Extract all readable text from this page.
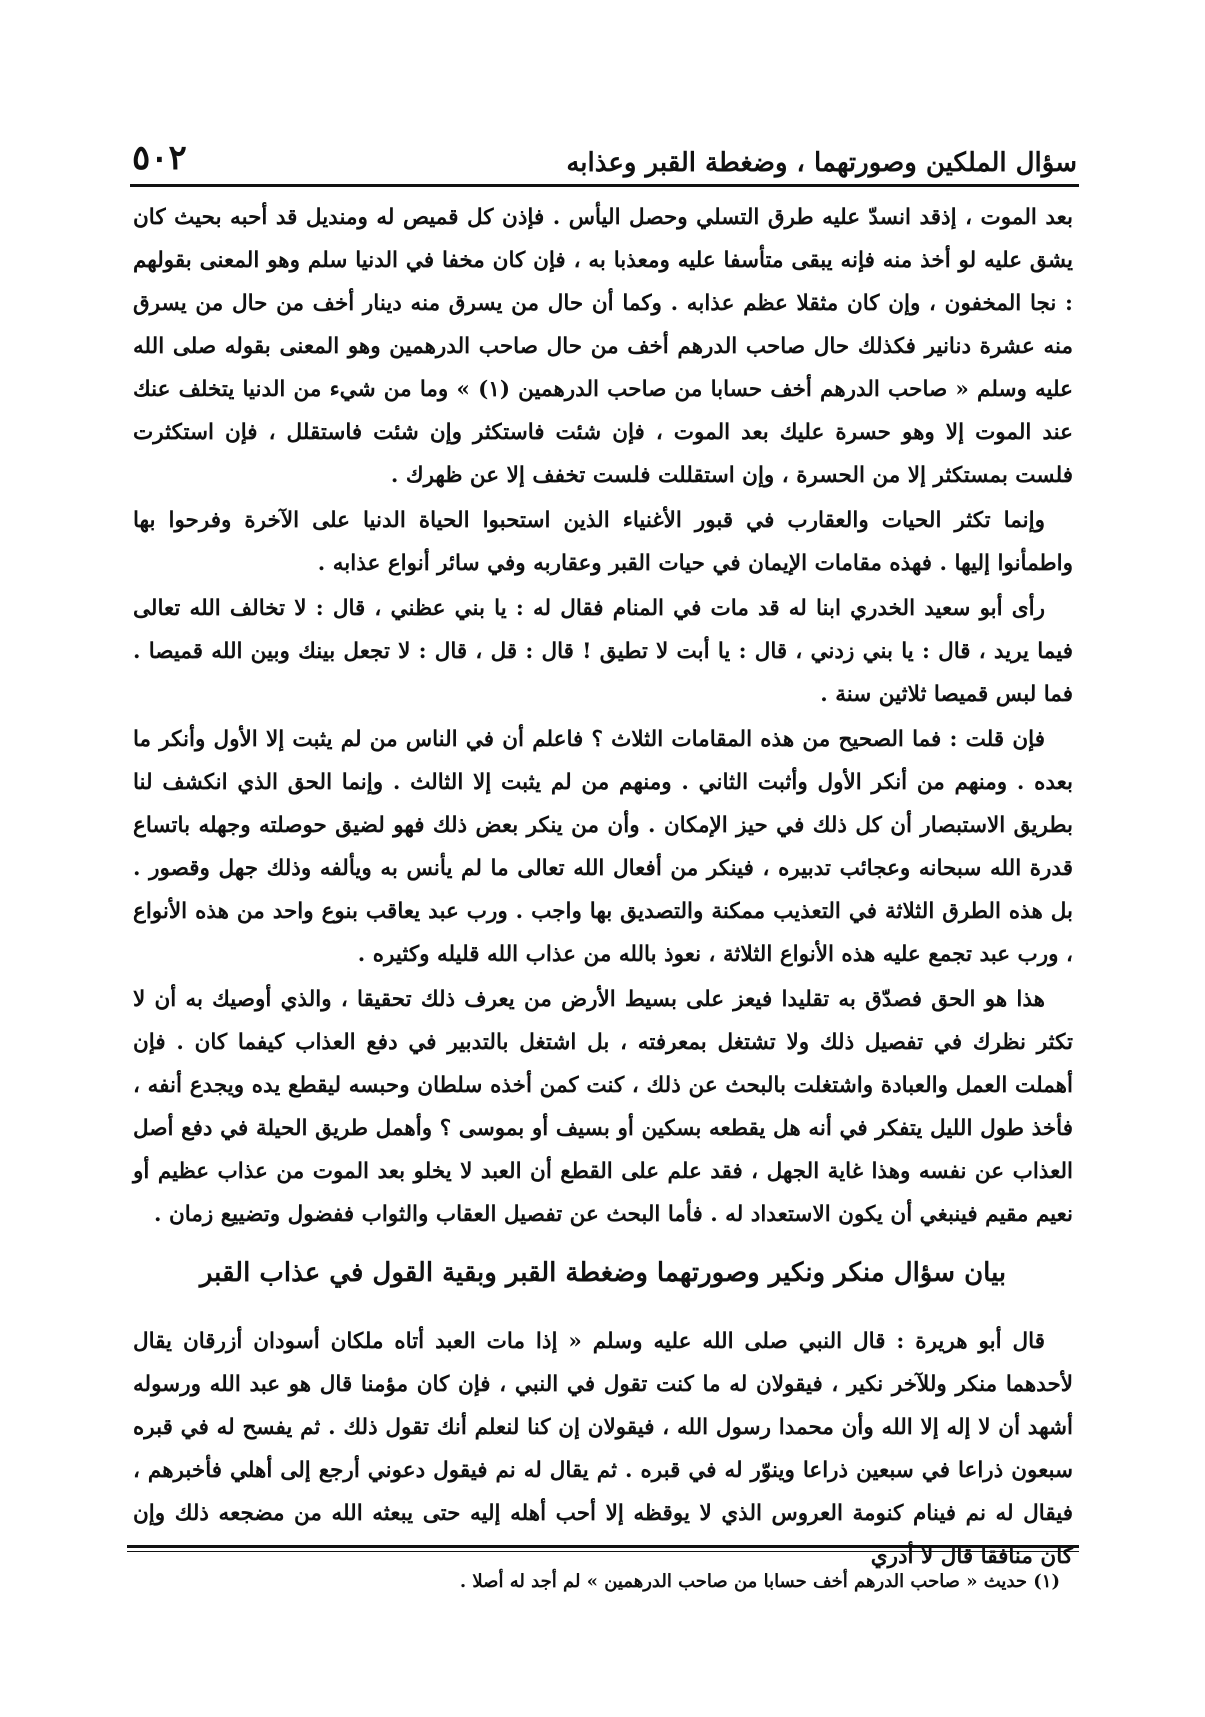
سؤال الملكين وصورتهما ، وضغطة القبر وعذابه
٥٠٢

بعد الموت ، إذقد انسدّ عليه طرق التسلي وحصل اليأس . فإذن كل قميص له ومنديل قد أحبه بحيث كان يشق عليه لو أخذ منه فإنه يبقى متأسفا عليه ومعذبا به ، فإن كان مخفا في الدنيا سلم وهو المعنى بقولهم : نجا المخفون ، وإن كان مثقلا عظم عذابه . وكما أن حال من يسرق منه دينار أخف من حال من يسرق منه عشرة دنانير فكذلك حال صاحب الدرهم أخف من حال صاحب الدرهمين وهو المعنى بقوله صلى الله عليه وسلم « صاحب الدرهم أخف حسابا من صاحب الدرهمين (١) » وما من شيء من الدنيا يتخلف عنك عند الموت إلا وهو حسرة عليك بعد الموت ، فإن شئت فاستكثر وإن شئت فاستقلل ، فإن استكثرت فلست بمستكثر إلا من الحسرة ، وإن استقللت فلست تخفف إلا عن ظهرك .

وإنما تكثر الحيات والعقارب في قبور الأغنياء الذين استحبوا الحياة الدنيا على الآخرة وفرحوا بها واطمأنوا إليها . فهذه مقامات الإيمان في حيات القبر وعقاربه وفي سائر أنواع عذابه .

رأى أبو سعيد الخدري ابنا له قد مات في المنام فقال له : يا بني عظني ، قال : لا تخالف الله تعالى فيما يريد ، قال : يا بني زدني ، قال : يا أبت لا تطيق ! قال : قل ، قال : لا تجعل بينك وبين الله قميصا . فما لبس قميصا ثلاثين سنة .

فإن قلت : فما الصحيح من هذه المقامات الثلاث ؟ فاعلم أن في الناس من لم يثبت إلا الأول وأنكر ما بعده . ومنهم من أنكر الأول وأثبت الثاني . ومنهم من لم يثبت إلا الثالث . وإنما الحق الذي انكشف لنا بطريق الاستبصار أن كل ذلك في حيز الإمكان . وأن من ينكر بعض ذلك فهو لضيق حوصلته وجهله باتساع قدرة الله سبحانه وعجائب تدبيره ، فينكر من أفعال الله تعالى ما لم يأنس به ويألفه وذلك جهل وقصور . بل هذه الطرق الثلاثة في التعذيب ممكنة والتصديق بها واجب . ورب عبد يعاقب بنوع واحد من هذه الأنواع ، ورب عبد تجمع عليه هذه الأنواع الثلاثة ، نعوذ بالله من عذاب الله قليله وكثيره .

هذا هو الحق فصدّق به تقليدا فيعز على بسيط الأرض من يعرف ذلك تحقيقا ، والذي أوصيك به أن لا تكثر نظرك في تفصيل ذلك ولا تشتغل بمعرفته ، بل اشتغل بالتدبير في دفع العذاب كيفما كان . فإن أهملت العمل والعبادة واشتغلت بالبحث عن ذلك ، كنت كمن أخذه سلطان وحبسه ليقطع يده ويجدع أنفه ، فأخذ طول الليل يتفكر في أنه هل يقطعه بسكين أو بسيف أو بموسى ؟ وأهمل طريق الحيلة في دفع أصل العذاب عن نفسه وهذا غاية الجهل ، فقد علم على القطع أن العبد لا يخلو بعد الموت من عذاب عظيم أو نعيم مقيم فينبغي أن يكون الاستعداد له . فأما البحث عن تفصيل العقاب والثواب ففضول وتضييع زمان .

بيان سؤال منكر ونكير وصورتهما وضغطة القبر وبقية القول في عذاب القبر

قال أبو هريرة : قال النبي صلى الله عليه وسلم « إذا مات العبد أتاه ملكان أسودان أزرقان يقال لأحدهما منكر وللآخر نكير ، فيقولان له ما كنت تقول في النبي ، فإن كان مؤمنا قال هو عبد الله ورسوله أشهد أن لا إله إلا الله وأن محمدا رسول الله ، فيقولان إن كنا لنعلم أنك تقول ذلك . ثم يفسح له في قبره سبعون ذراعا في سبعين ذراعا وينوّر له في قبره . ثم يقال له نم فيقول دعوني أرجع إلى أهلي فأخبرهم ، فيقال له نم فينام كنومة العروس الذي لا يوقظه إلا أحب أهله إليه حتى يبعثه الله من مضجعه ذلك وإن كان منافقا قال لا أدري

(١) حديث « صاحب الدرهم أخف حسابا من صاحب الدرهمين » لم أجد له أصلا .
